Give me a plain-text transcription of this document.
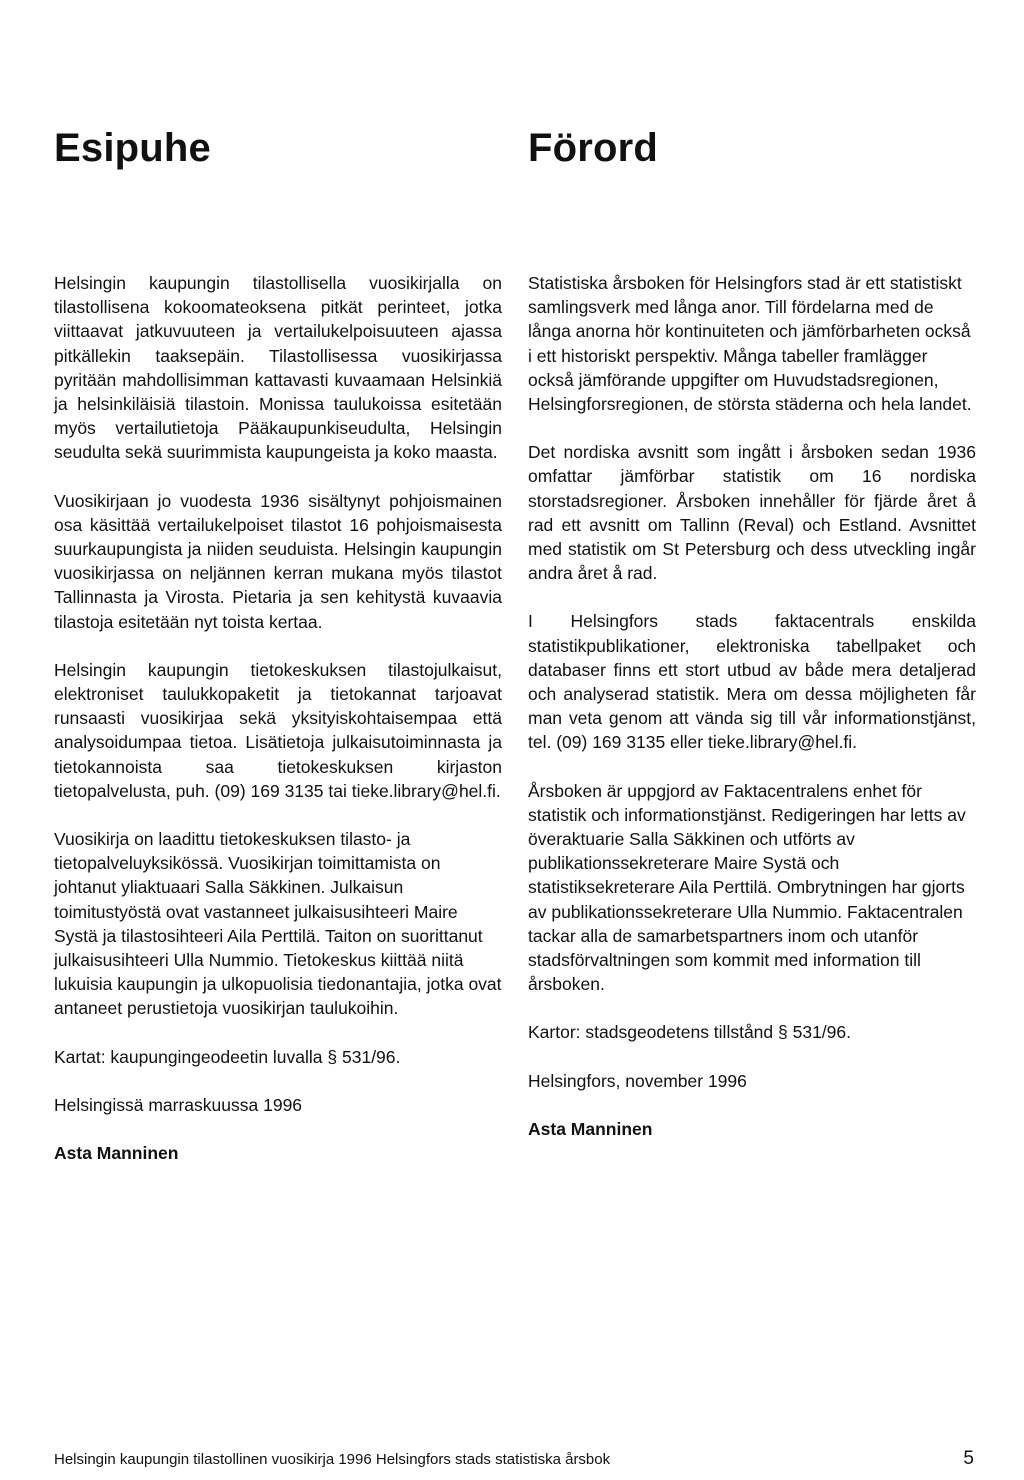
Esipuhe

Helsingin kaupungin tilastollisella vuosikirjalla on tilastollisena kokoomateoksena pitkät perinteet, jotka viittaavat jatkuvuuteen ja vertailukelpoisuuteen ajassa pitkällekin taaksepäin. Tilastollisessa vuosikirjassa pyritään mahdollisimman kattavasti kuvaamaan Helsinkiä ja helsinkiläisiä tilastoin. Monissa taulukoissa esitetään myös vertailutietoja Pääkaupunkiseudulta, Helsingin seudulta sekä suurimmista kaupungeista ja koko maasta.

Vuosikirjaan jo vuodesta 1936 sisältynyt pohjoismainen osa käsittää vertailukelpoiset tilastot 16 pohjoismaisesta suurkaupungista ja niiden seuduista. Helsingin kaupungin vuosikirjassa on neljännen kerran mukana myös tilastot Tallinnasta ja Virosta. Pietaria ja sen kehitystä kuvaavia tilastoja esitetään nyt toista kertaa.

Helsingin kaupungin tietokeskuksen tilastojulkaisut, elektroniset taulukkopaketit ja tietokannat tarjoavat runsaasti vuosikirjaa sekä yksityiskohtaisempaa että analysoidumpaa tietoa. Lisätietoja julkaisutoiminnasta ja tietokannoista saa tietokeskuksen kirjaston tietopalvelusta, puh. (09) 169 3135 tai tieke.library@hel.fi.

Vuosikirja on laadittu tietokeskuksen tilasto- ja tietopalveluyksikössä. Vuosikirjan toimittamista on johtanut yliaktuaari Salla Säkkinen. Julkaisun toimitustyöstä ovat vastanneet julkaisusihteeri Maire Systä ja tilastosihteeri Aila Perttilä. Taiton on suorittanut julkaisusihteeri Ulla Nummio. Tietokeskus kiittää niitä lukuisia kaupungin ja ulkopuolisia tiedonantajia, jotka ovat antaneet perustietoja vuosikirjan taulukoihin.

Kartat: kaupungingeodeetin luvalla § 531/96.

Helsingissä marraskuussa 1996

Asta Manninen

Förord

Statistiska årsboken för Helsingfors stad är ett statistiskt samlingsverk med långa anor. Till fördelarna med de långa anorna hör kontinuiteten och jämförbarheten också i ett historiskt perspektiv. Många tabeller framlägger också jämförande uppgifter om Huvudstadsregionen, Helsingforsregionen, de största städerna och hela landet.

Det nordiska avsnitt som ingått i årsboken sedan 1936 omfattar jämförbar statistik om 16 nordiska storstadsregioner. Årsboken innehåller för fjärde året å rad ett avsnitt om Tallinn (Reval) och Estland. Avsnittet med statistik om St Petersburg och dess utveckling ingår andra året å rad.

I Helsingfors stads faktacentrals enskilda statistikpublikationer, elektroniska tabellpaket och databaser finns ett stort utbud av både mera detaljerad och analyserad statistik. Mera om dessa möjligheten får man veta genom att vända sig till vår informationstjänst, tel. (09) 169 3135 eller tieke.library@hel.fi.

Årsboken är uppgjord av Faktacentralens enhet för statistik och informationstjänst. Redigeringen har letts av överaktuarie Salla Säkkinen och utförts av publikationssekreterare Maire Systä och statistiksekreterare Aila Perttilä. Ombrytningen har gjorts av publikationssekreterare Ulla Nummio. Faktacentralen tackar alla de samarbetspartners inom och utanför stadsförvaltningen som kommit med information till årsboken.

Kartor: stadsgeodetens tillstånd § 531/96.

Helsingfors, november 1996

Asta Manninen

Helsingin kaupungin tilastollinen vuosikirja 1996 Helsingfors stads statistiska årsbok	5
